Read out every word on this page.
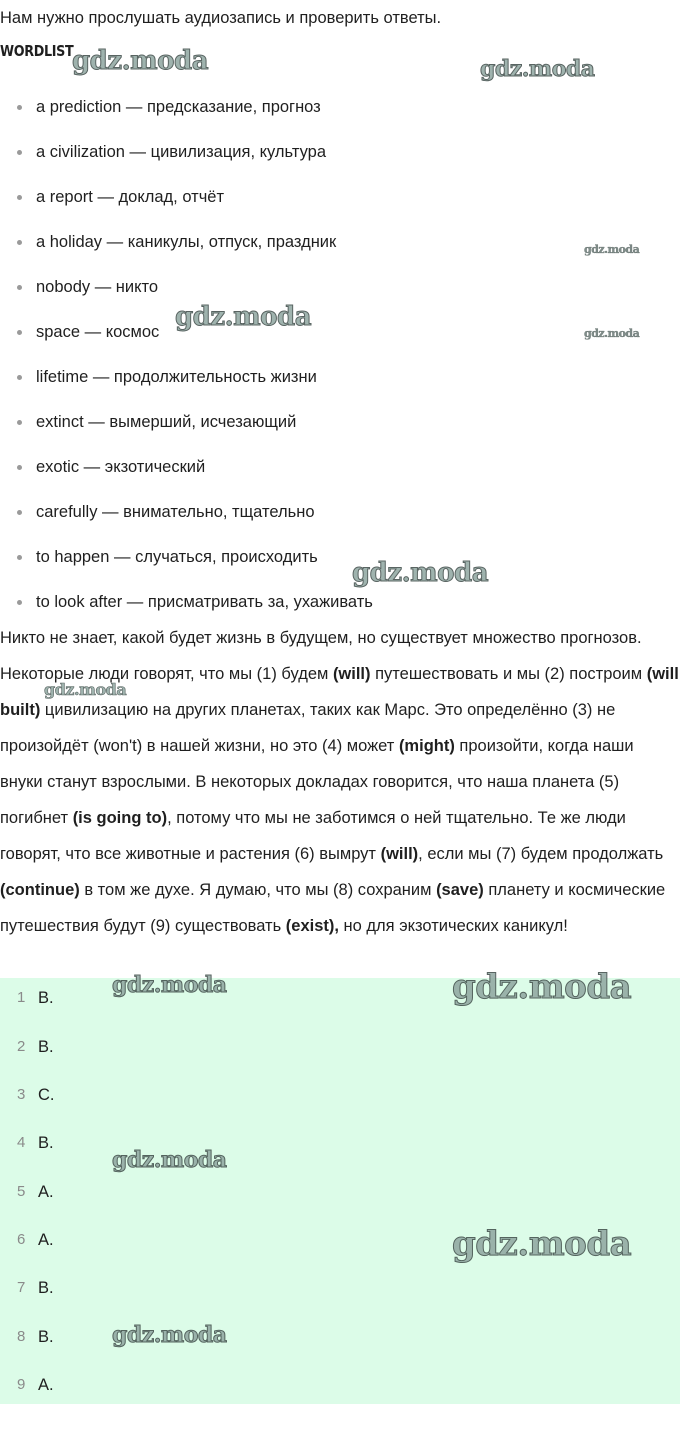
Нам нужно прослушать аудиозапись и проверить ответы.
WORDLIST
a prediction — предсказание, прогноз
a civilization — цивилизация, культура
a report — доклад, отчёт
a holiday — каникулы, отпуск, праздник
nobody — никто
space — космос
lifetime — продолжительность жизни
extinct — вымерший, исчезающий
exotic — экзотический
carefully — внимательно, тщательно
to happen — случаться, происходить
to look after — присматривать за, ухаживать
Никто не знает, какой будет жизнь в будущем, но существует множество прогнозов. Некоторые люди говорят, что мы (1) будем (will) путешествовать и мы (2) построим (will built) цивилизацию на других планетах, таких как Марс. Это определённо (3) не произойдёт (won't) в нашей жизни, но это (4) может (might) произойти, когда наши внуки станут взрослыми. В некоторых докладах говорится, что наша планета (5) погибнет (is going to), потому что мы не заботимся о ней тщательно. Те же люди говорят, что все животные и растения (6) вымрут (will), если мы (7) будем продолжать (continue) в том же духе. Я думаю, что мы (8) сохраним (save) планету и космические путешествия будут (9) существовать (exist), но для экзотических каникул!
1 B.
2 B.
3 C.
4 B.
5 A.
6 A.
7 B.
8 B.
9 A.
gdz.moda	gdz.moda
gdz.moda
gdz.moda
gdz.moda
gdz.moda
gdz.moda
gdz.moda	gdz.moda
gdz.moda
gdz.moda
gdz.moda
